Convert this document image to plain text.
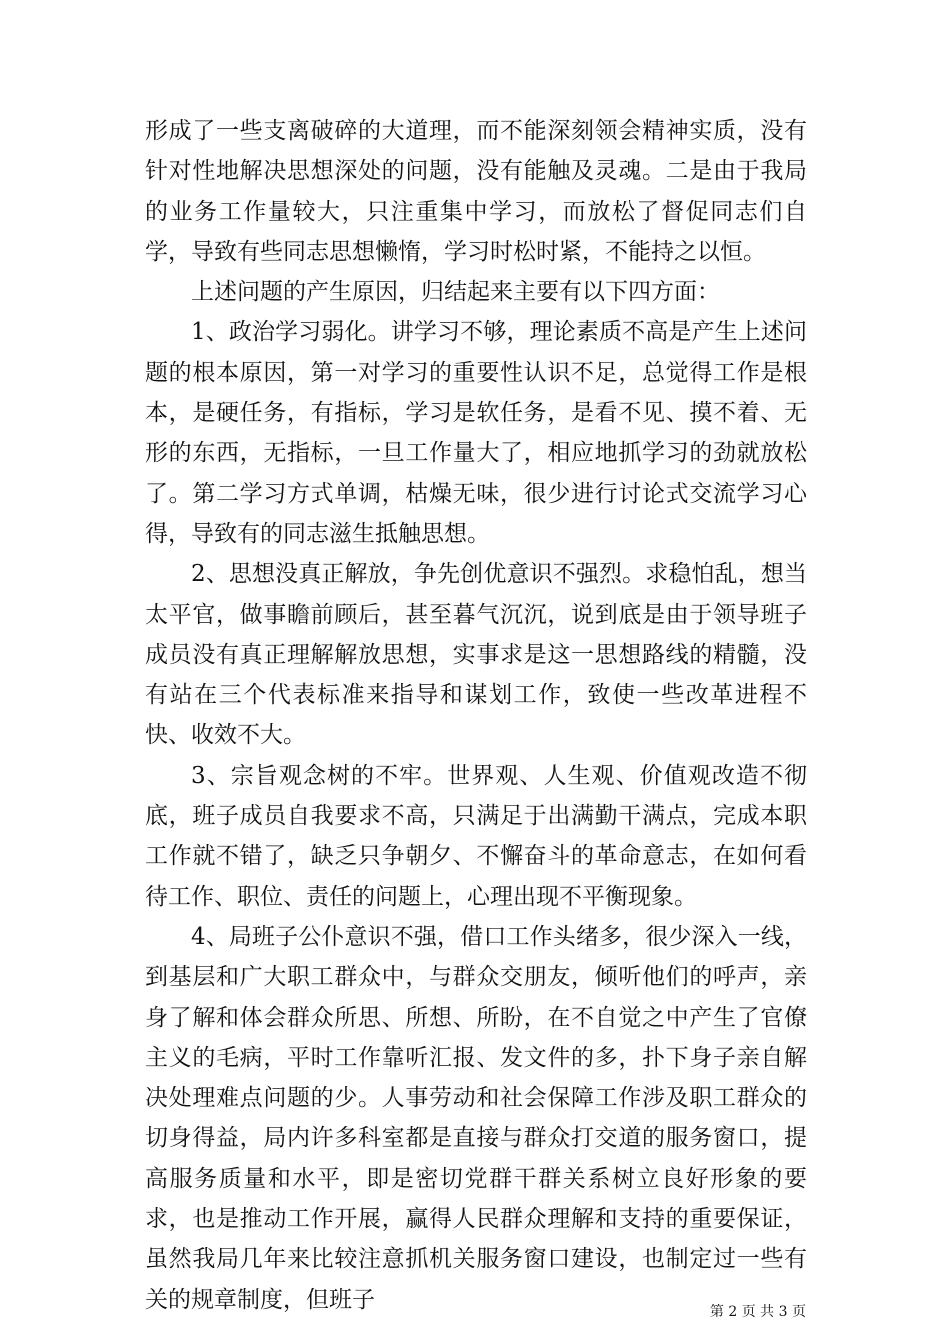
形成了一些支离破碎的大道理，而不能深刻领会精神实质，没有针对性地解决思想深处的问题，没有能触及灵魂。二是由于我局的业务工作量较大，只注重集中学习，而放松了督促同志们自学，导致有些同志思想懒惰，学习时松时紧，不能持之以恒。

上述问题的产生原因，归结起来主要有以下四方面：

1、政治学习弱化。讲学习不够，理论素质不高是产生上述问题的根本原因，第一对学习的重要性认识不足，总觉得工作是根本，是硬任务，有指标，学习是软任务，是看不见、摸不着、无形的东西，无指标，一旦工作量大了，相应地抓学习的劲就放松了。第二学习方式单调，枯燥无味，很少进行讨论式交流学习心得，导致有的同志滋生抵触思想。

2、思想没真正解放，争先创优意识不强烈。求稳怕乱，想当太平官，做事瞻前顾后，甚至暮气沉沉，说到底是由于领导班子成员没有真正理解解放思想，实事求是这一思想路线的精髓，没有站在三个代表标准来指导和谋划工作，致使一些改革进程不快、收效不大。

3、宗旨观念树的不牢。世界观、人生观、价值观改造不彻底，班子成员自我要求不高，只满足于出满勤干满点，完成本职工作就不错了，缺乏只争朝夕、不懈奋斗的革命意志，在如何看待工作、职位、责任的问题上，心理出现不平衡现象。

4、局班子公仆意识不强，借口工作头绪多，很少深入一线，到基层和广大职工群众中，与群众交朋友，倾听他们的呼声，亲身了解和体会群众所思、所想、所盼，在不自觉之中产生了官僚主义的毛病，平时工作靠听汇报、发文件的多，扑下身子亲自解决处理难点问题的少。人事劳动和社会保障工作涉及职工群众的切身得益，局内许多科室都是直接与群众打交道的服务窗口，提高服务质量和水平，即是密切党群干群关系树立良好形象的要求，也是推动工作开展，赢得人民群众理解和支持的重要保证，虽然我局几年来比较注意抓机关服务窗口建设，也制定过一些有关的规章制度，但班子	第 2 页 共 3 页
